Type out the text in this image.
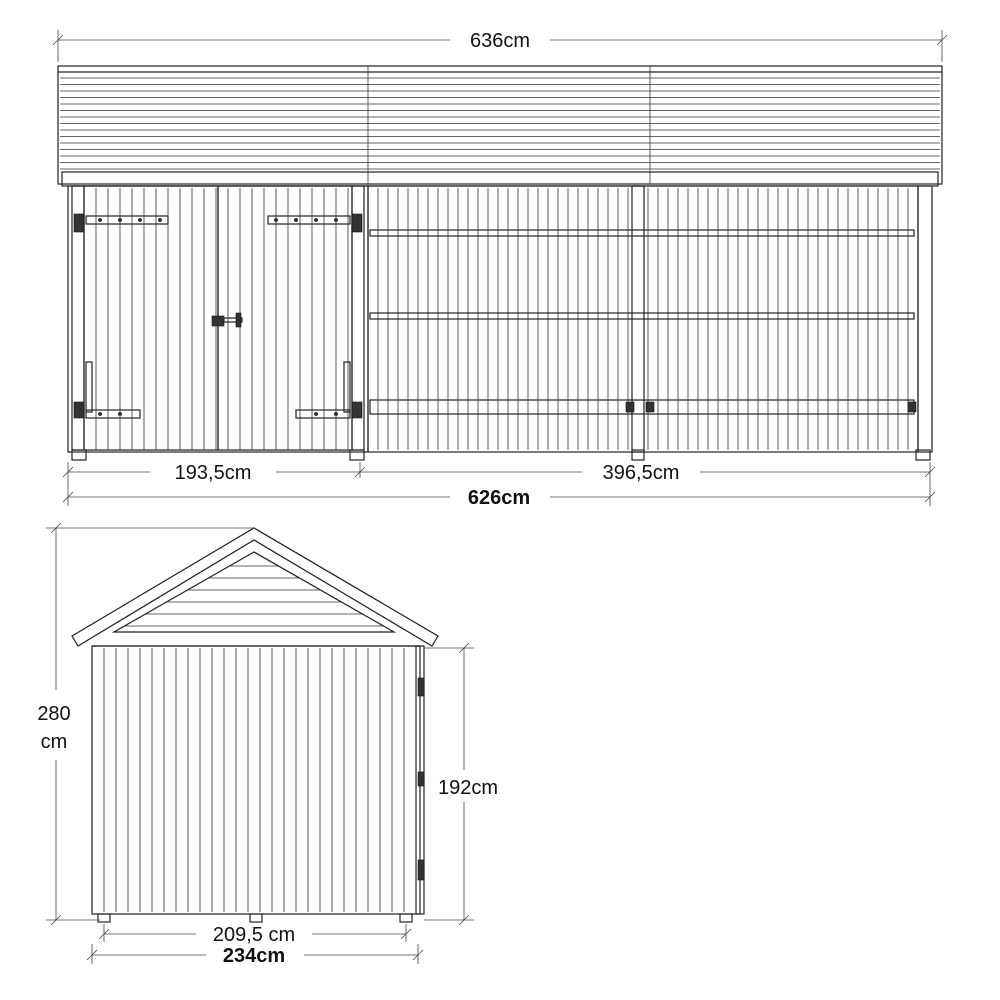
636cm
193,5cm	396,5cm
626cm
280
cm
192cm
209,5 cm
234cm
